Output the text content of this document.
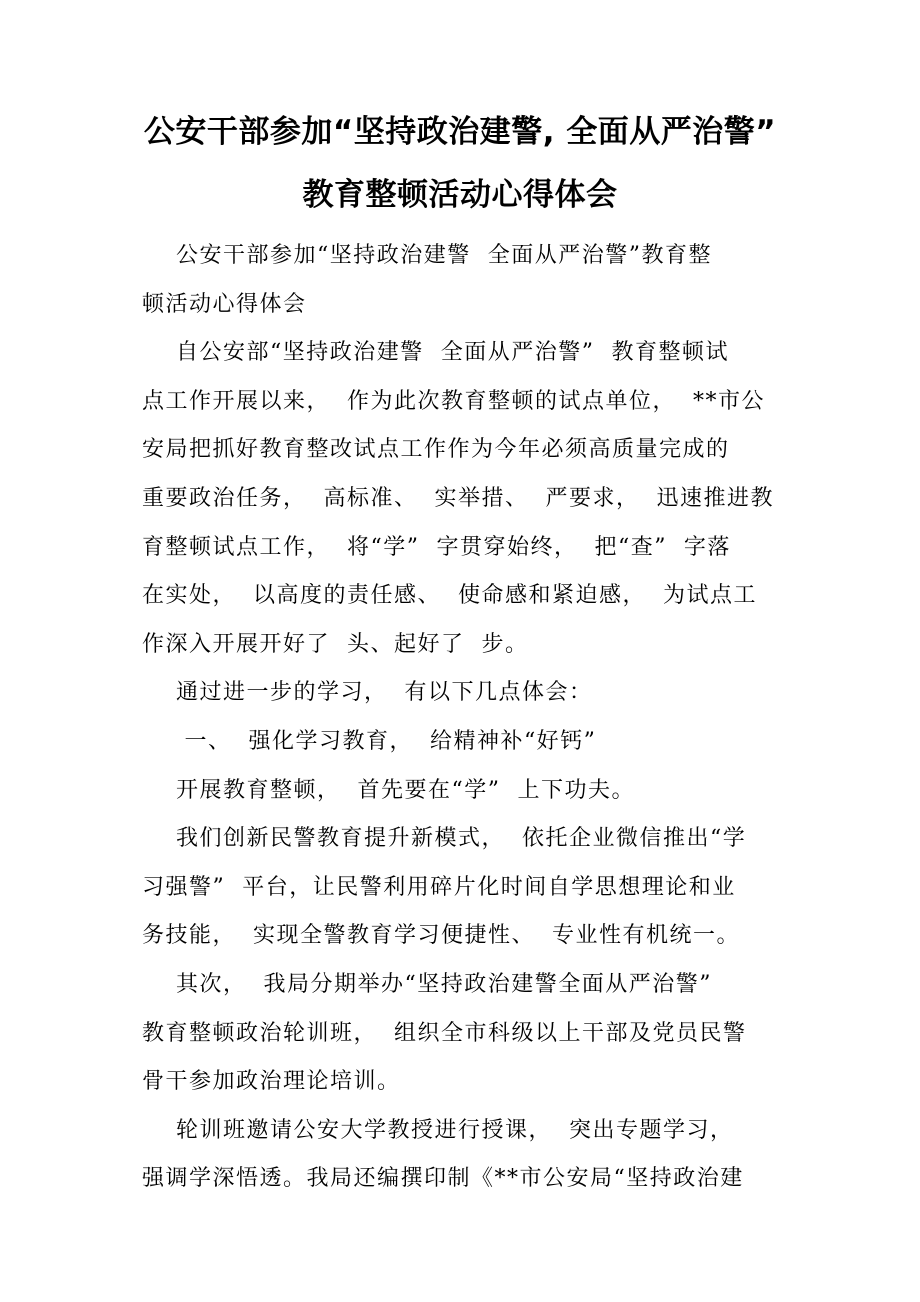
公安干部参加“坚持政治建警, 全面从严治警”
教育整顿活动心得体会
公安干部参加“坚持政治建警  全面从严治警”教育整
顿活动心得体会
自公安部“坚持政治建警  全面从严治警”  教育整顿试
点工作开展以来，  作为此次教育整顿的试点单位，  **市公
安局把抓好教育整改试点工作作为今年必须高质量完成的
重要政治任务，  高标准、  实举措、  严要求，  迅速推进教
育整顿试点工作，  将“学”  字贯穿始终，  把“查”  字落
在实处，  以高度的责任感、  使命感和紧迫感，  为试点工
作深入开展开好了  头、起好了  步。
通过进一步的学习，  有以下几点体会：
一、  强化学习教育，  给精神补“好钙”
开展教育整顿，  首先要在“学”  上下功夫。
我们创新民警教育提升新模式，  依托企业微信推出“学
习强警”  平台，让民警利用碎片化时间自学思想理论和业
务技能，  实现全警教育学习便捷性、  专业性有机统一。
其次，  我局分期举办“坚持政治建警全面从严治警”
教育整顿政治轮训班，  组织全市科级以上干部及党员民警
骨干参加政治理论培训。
轮训班邀请公安大学教授进行授课，  突出专题学习，
强调学深悟透。我局还编撰印制《**市公安局“坚持政治建
